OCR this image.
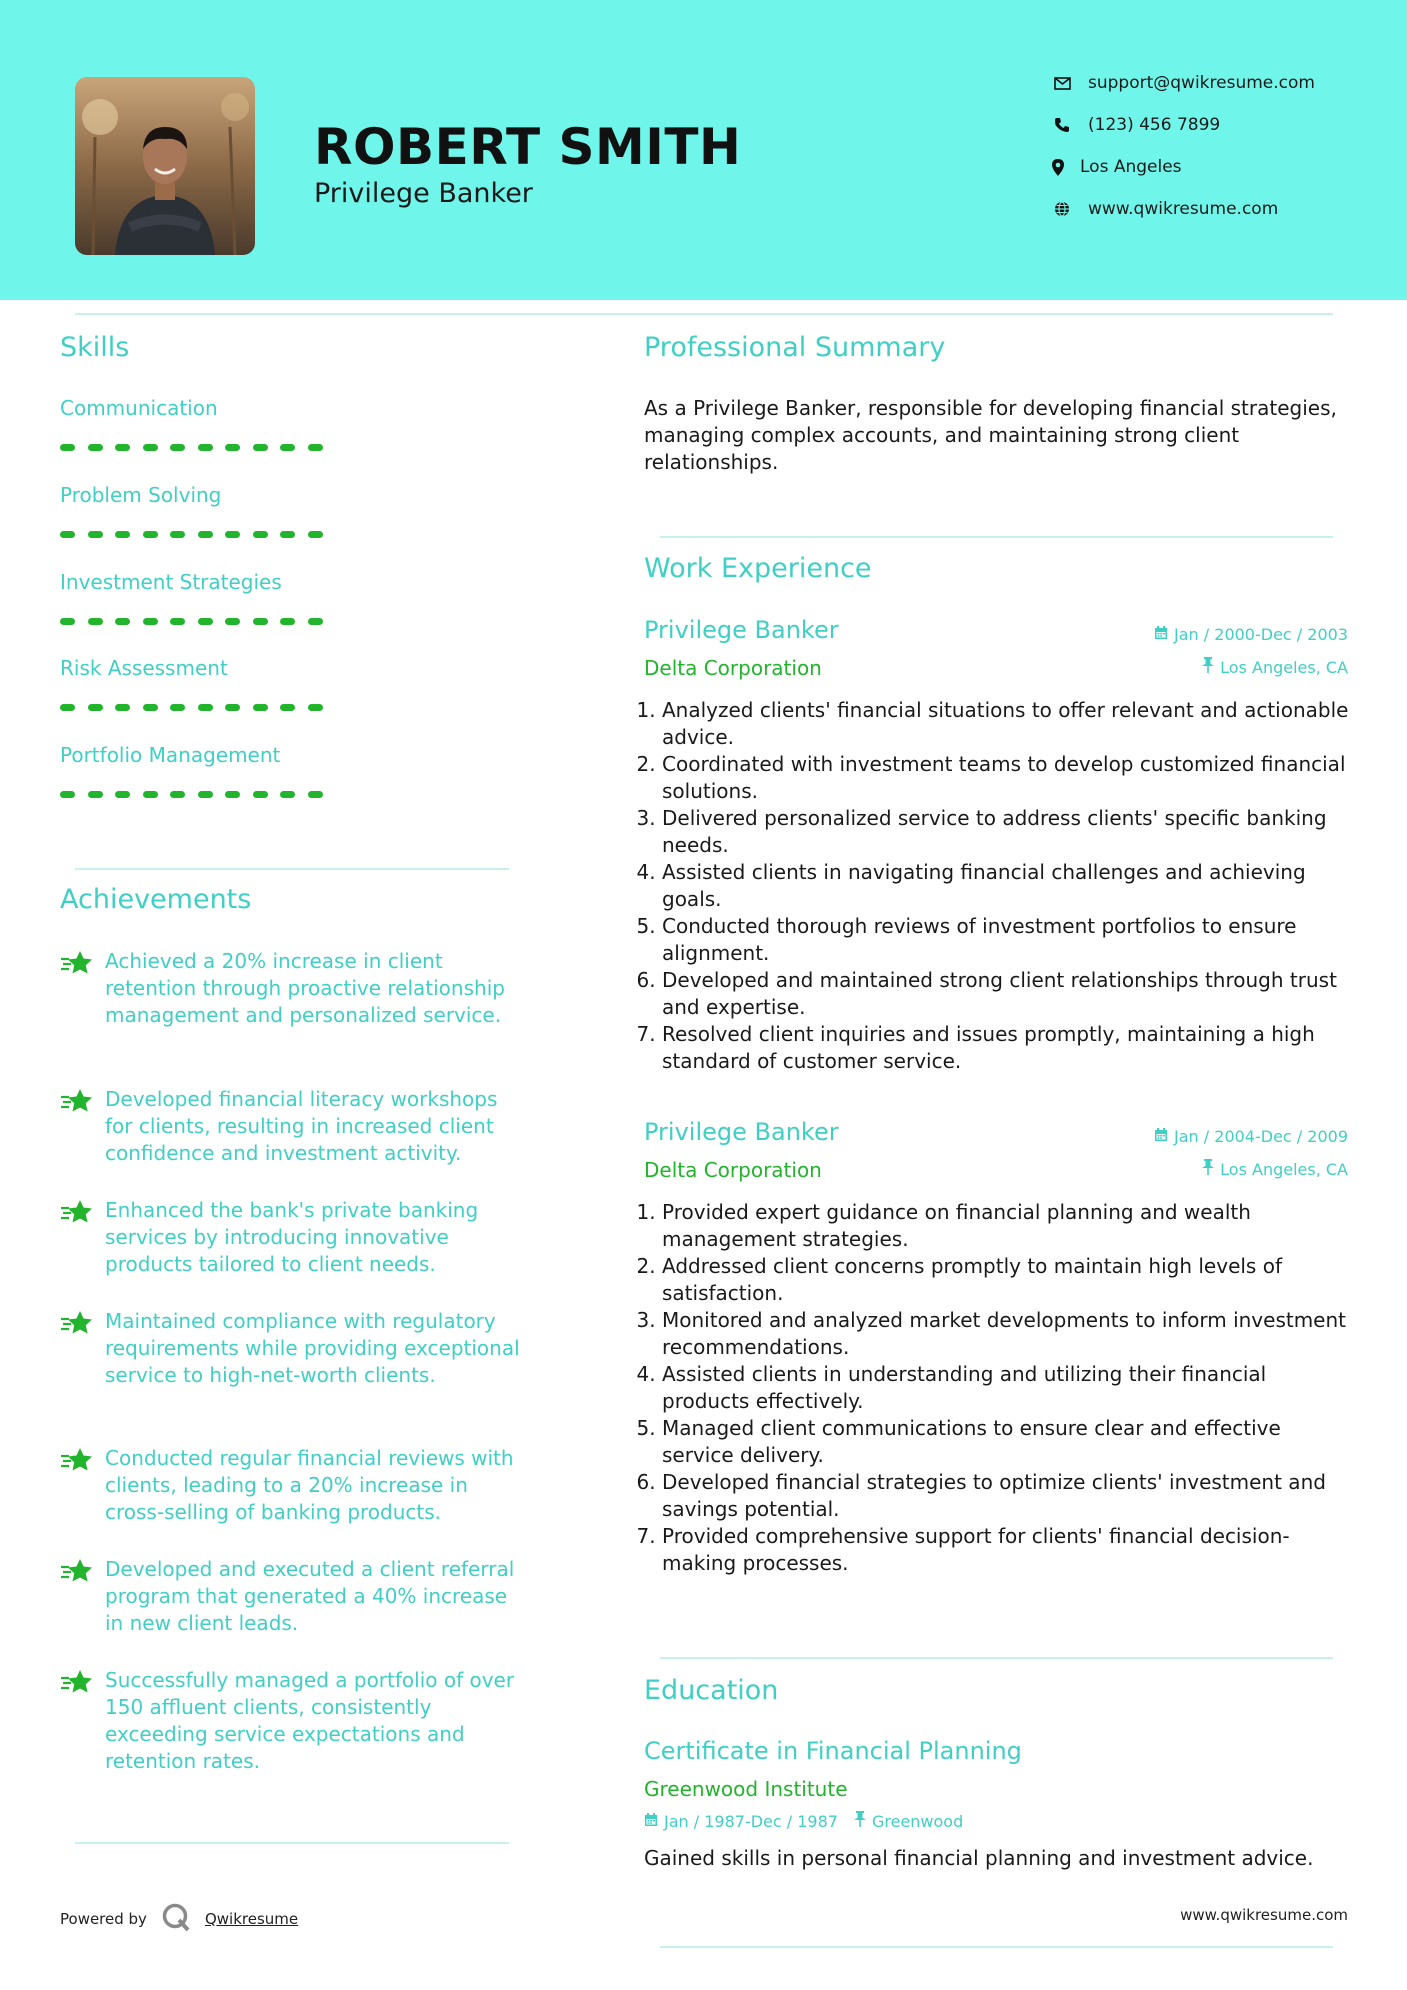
ROBERT SMITH
Privilege Banker
support@qwikresume.com
(123) 456 7899
Los Angeles
www.qwikresume.com
Skills
Communication
Problem Solving
Investment Strategies
Risk Assessment
Portfolio Management
Achievements
Achieved a 20% increase in client retention through proactive relationship management and personalized service.
Developed financial literacy workshops for clients, resulting in increased client confidence and investment activity.
Enhanced the bank's private banking services by introducing innovative products tailored to client needs.
Maintained compliance with regulatory requirements while providing exceptional service to high-net-worth clients.
Conducted regular financial reviews with clients, leading to a 20% increase in cross-selling of banking products.
Developed and executed a client referral program that generated a 40% increase in new client leads.
Successfully managed a portfolio of over 150 affluent clients, consistently exceeding service expectations and retention rates.
Professional Summary
As a Privilege Banker, responsible for developing financial strategies, managing complex accounts, and maintaining strong client relationships.
Work Experience
Privilege Banker	Jan / 2000-Dec / 2003
Delta Corporation	Los Angeles, CA
1. Analyzed clients' financial situations to offer relevant and actionable advice.
2. Coordinated with investment teams to develop customized financial solutions.
3. Delivered personalized service to address clients' specific banking needs.
4. Assisted clients in navigating financial challenges and achieving goals.
5. Conducted thorough reviews of investment portfolios to ensure alignment.
6. Developed and maintained strong client relationships through trust and expertise.
7. Resolved client inquiries and issues promptly, maintaining a high standard of customer service.
Privilege Banker	Jan / 2004-Dec / 2009
Delta Corporation	Los Angeles, CA
1. Provided expert guidance on financial planning and wealth management strategies.
2. Addressed client concerns promptly to maintain high levels of satisfaction.
3. Monitored and analyzed market developments to inform investment recommendations.
4. Assisted clients in understanding and utilizing their financial products effectively.
5. Managed client communications to ensure clear and effective service delivery.
6. Developed financial strategies to optimize clients' investment and savings potential.
7. Provided comprehensive support for clients' financial decision-making processes.
Education
Certificate in Financial Planning
Greenwood Institute
Jan / 1987-Dec / 1987 Greenwood
Gained skills in personal financial planning and investment advice.
Powered by	Qwikresume	www.qwikresume.com
